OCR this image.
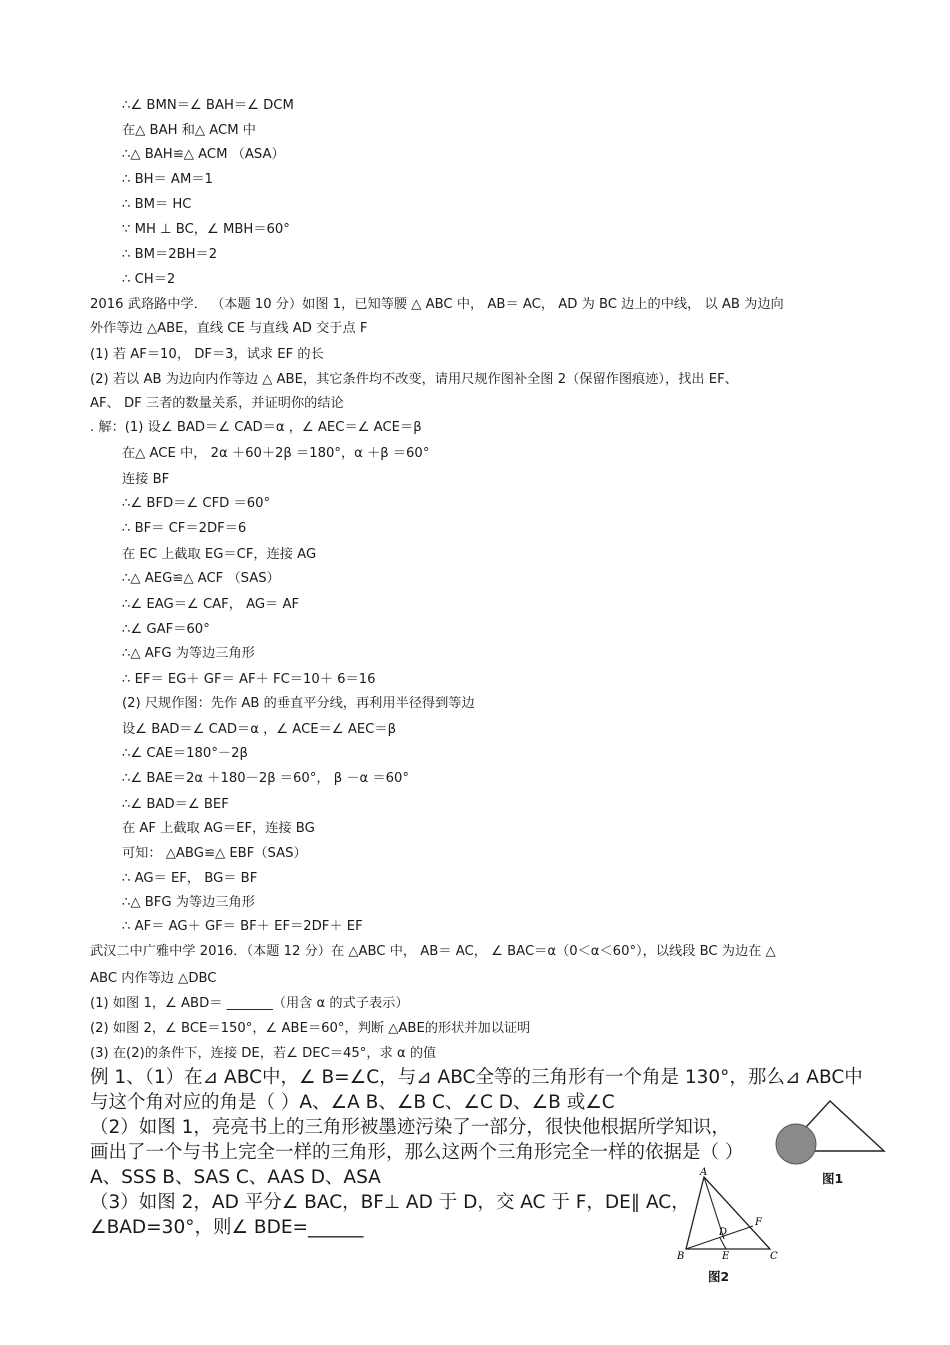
∴∠ BMN＝∠ BAH＝∠ DCM
在△ BAH 和△ ACM 中
∴△ BAH≌△ ACM （ASA）
∴ BH＝ AM＝1
∴ BM＝ HC
∵ MH ⊥ BC，∠ MBH＝60°
∴ BM＝2BH＝2
∴ CH＝2
2016 武珞路中学． （本题 10 分）如图 1，已知等腰 △ ABC 中， AB＝ AC， AD 为 BC 边上的中线， 以 AB 为边向
外作等边 △ABE，直线 CE 与直线 AD 交于点 F
(1) 若 AF＝10， DF＝3，试求 EF 的长
(2) 若以 AB 为边向内作等边 △ ABE，其它条件均不改变，请用尺规作图补全图 2（保留作图痕迹），找出 EF、
AF、 DF 三者的数量关系，并证明你的结论
. 解：(1) 设∠ BAD＝∠ CAD＝α ，∠ AEC＝∠ ACE＝β
在△ ACE 中， 2α ＋60＋2β ＝180°，α ＋β ＝60°
连接 BF
∴∠ BFD＝∠ CFD ＝60°
∴ BF＝ CF＝2DF＝6
在 EC 上截取 EG＝CF，连接 AG
∴△ AEG≌△ ACF （SAS）
∴∠ EAG＝∠ CAF， AG＝ AF
∴∠ GAF＝60°
∴△ AFG 为等边三角形
∴ EF＝ EG＋ GF＝ AF＋ FC＝10＋ 6＝16
(2) 尺规作图：先作 AB 的垂直平分线，再利用半径得到等边
设∠ BAD＝∠ CAD＝α ，∠ ACE＝∠ AEC＝β
∴∠ CAE＝180°－2β
∴∠ BAE＝2α ＋180－2β ＝60°， β －α ＝60°
∴∠ BAD＝∠ BEF
在 AF 上截取 AG＝EF，连接 BG
可知： △ABG≌△ EBF（SAS）
∴ AG＝ EF， BG＝ BF
∴△ BFG 为等边三角形
∴ AF＝ AG＋ GF＝ BF＋ EF＝2DF＋ EF
武汉二中广雅中学 2016．（本题 12 分）在 △ABC 中， AB＝ AC， ∠ BAC＝α（0＜α＜60°），以线段 BC 为边在 △
ABC 内作等边 △DBC
(1) 如图 1，∠ ABD＝ _______（用含 α 的式子表示）
(2) 如图 2，∠ BCE＝150°，∠ ABE＝60°，判断 △ABE的形状并加以证明
(3) 在(2)的条件下，连接 DE，若∠ DEC＝45°，求 α 的值
例 1、（1）在⊿ ABC中，∠ B=∠C，与⊿ ABC全等的三角形有一个角是 130°，那么⊿ ABC中
与这个角对应的角是（ ）A、∠A B、∠B C、∠C D、∠B 或∠C
（2）如图 1，亮亮书上的三角形被墨迹污染了一部分，很快他根据所学知识，
画出了一个与书上完全一样的三角形，那么这两个三角形完全一样的依据是（ ）
A、SSS B、SAS C、AAS D、ASA
（3）如图 2，AD 平分∠ BAC，BF⊥ AD 于 D，交 AC 于 F，DE∥ AC，
∠BAD=30°，则∠ BDE=______
图1
A
B	E	C
D
F
图2
